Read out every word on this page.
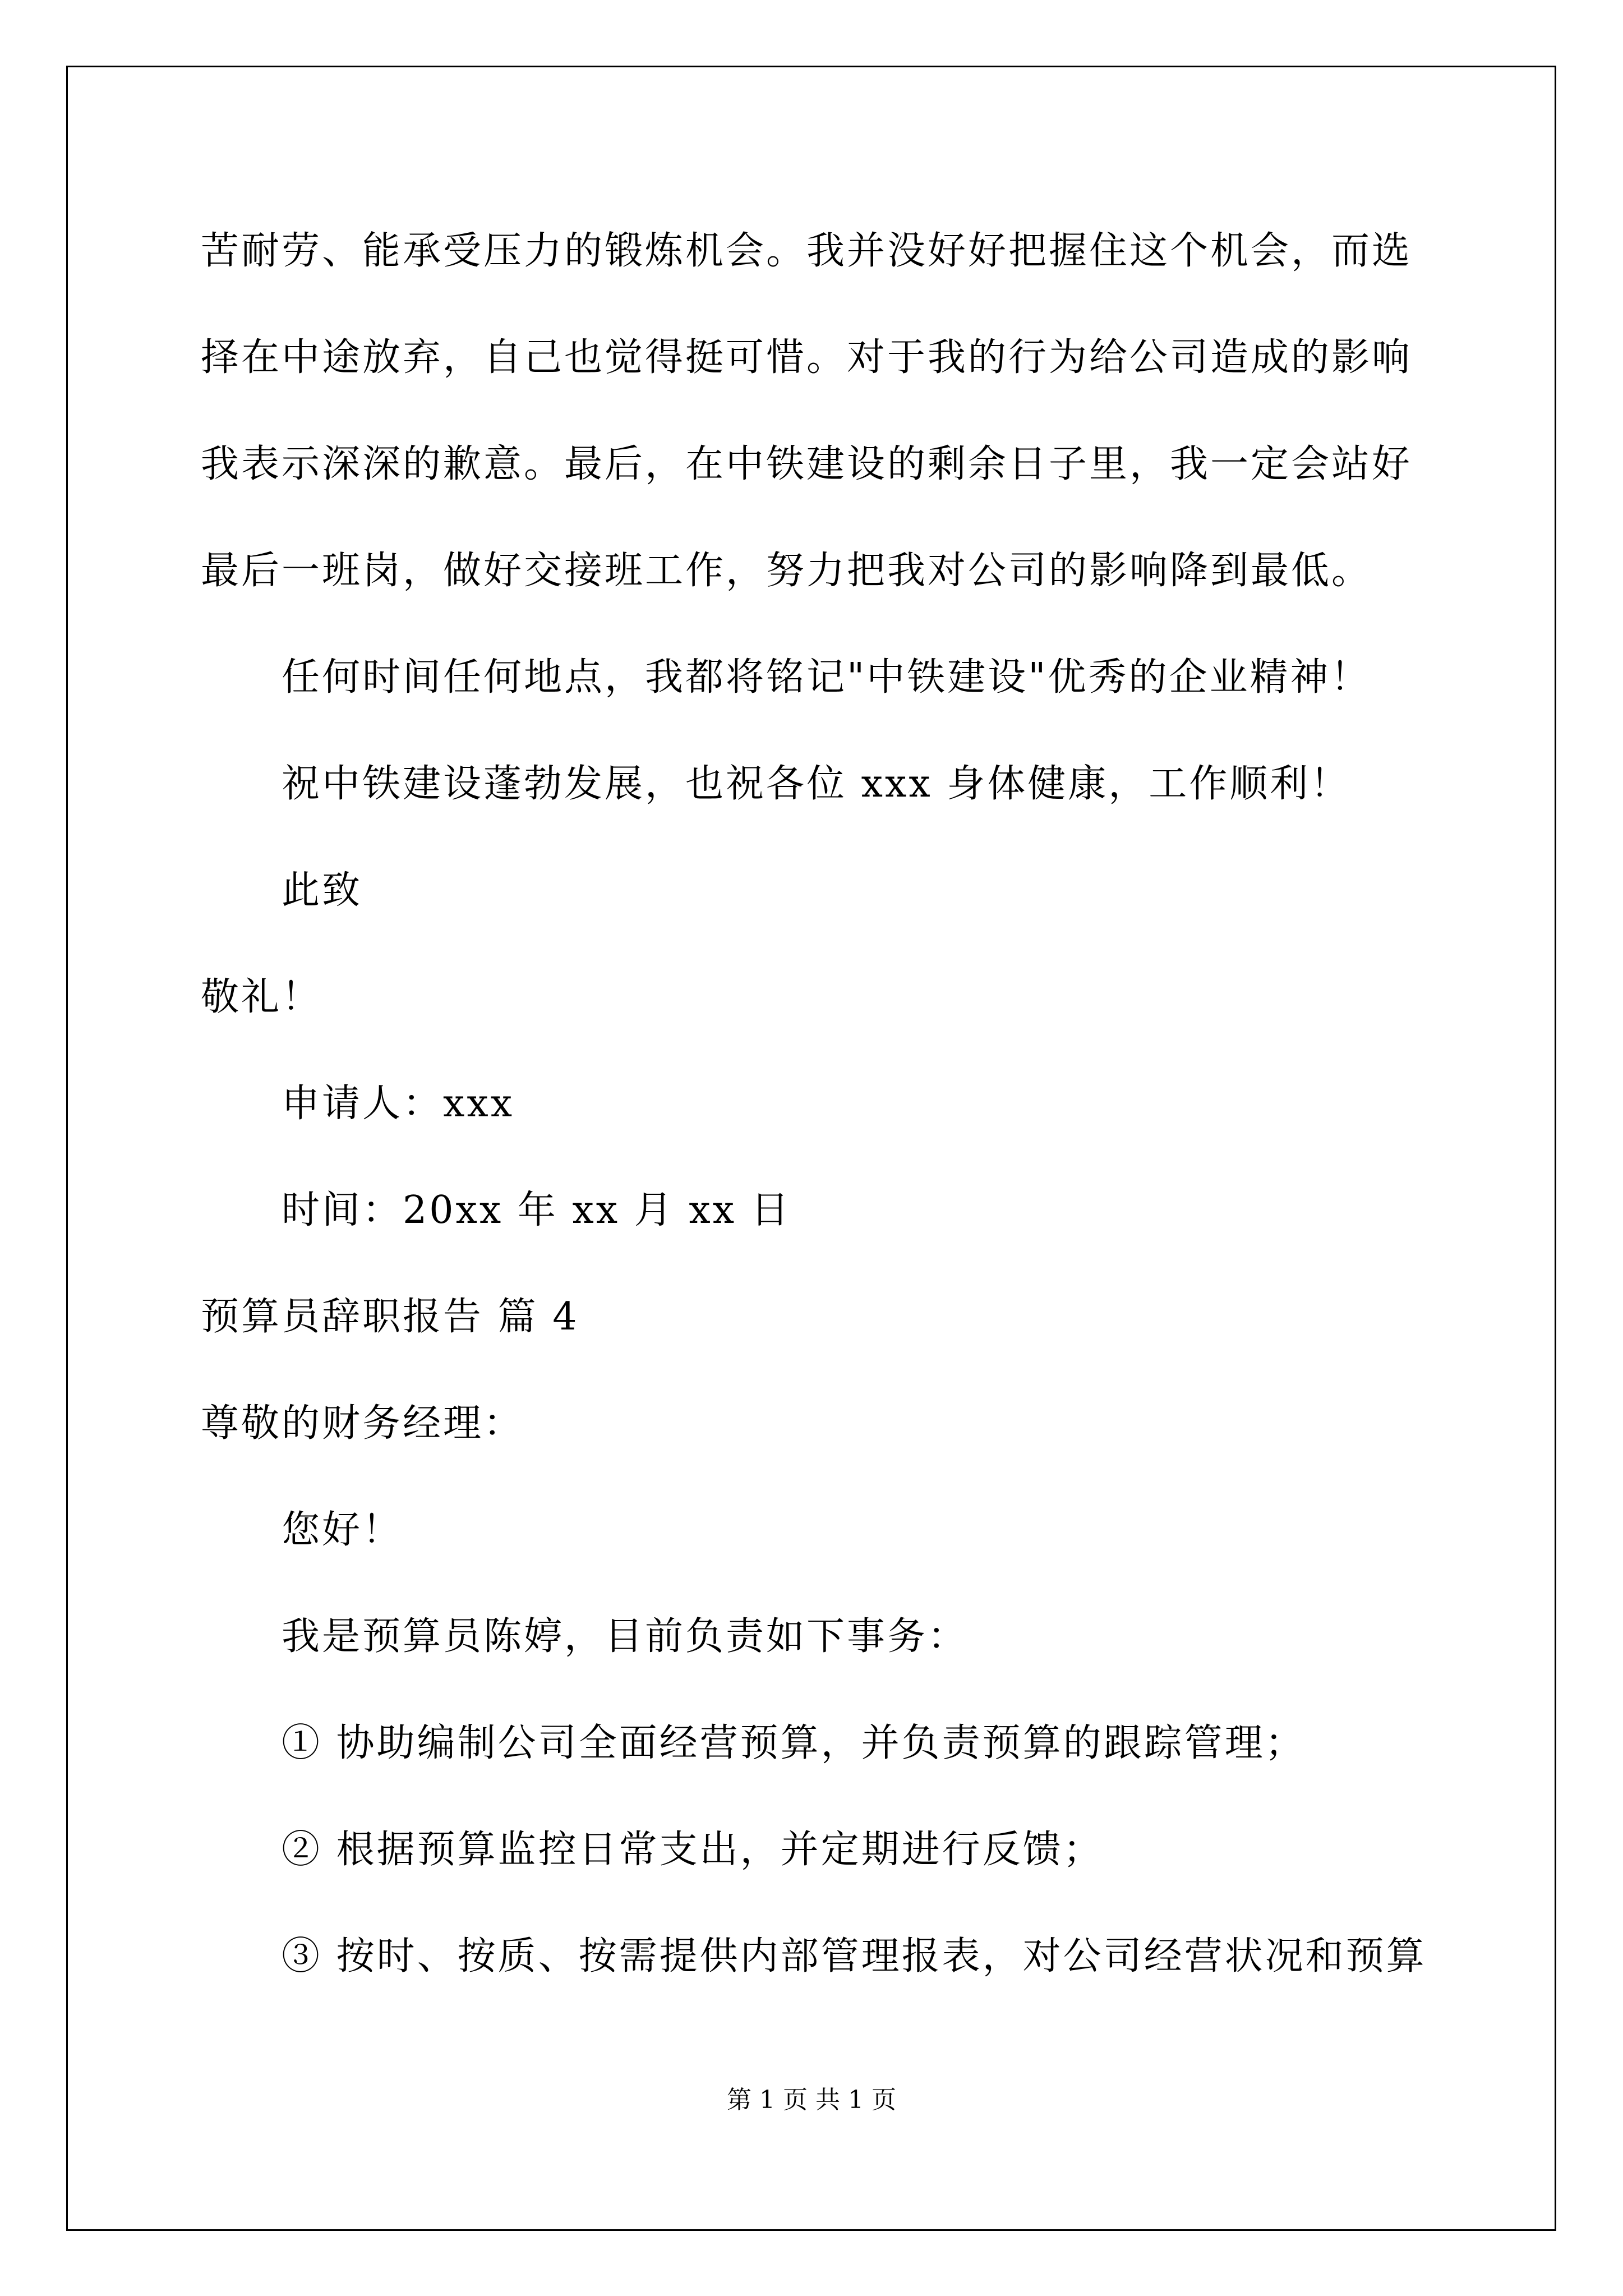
苦耐劳、能承受压力的锻炼机会。我并没好好把握住这个机会，而选
择在中途放弃，自己也觉得挺可惜。对于我的行为给公司造成的影响
我表示深深的歉意。最后，在中铁建设的剩余日子里，我一定会站好
最后一班岗，做好交接班工作，努力把我对公司的影响降到最低。
任何时间任何地点，我都将铭记"中铁建设"优秀的企业精神！
祝中铁建设蓬勃发展，也祝各位 xxx 身体健康，工作顺利！
此致
敬礼！
申请人：xxx
时间：20xx 年 xx 月 xx 日
预算员辞职报告 篇 4
尊敬的财务经理：
您好！
我是预算员陈婷，目前负责如下事务：
① 协助编制公司全面经营预算，并负责预算的跟踪管理；
② 根据预算监控日常支出，并定期进行反馈；
③ 按时、按质、按需提供内部管理报表，对公司经营状况和预算
第 1 页 共 1 页
